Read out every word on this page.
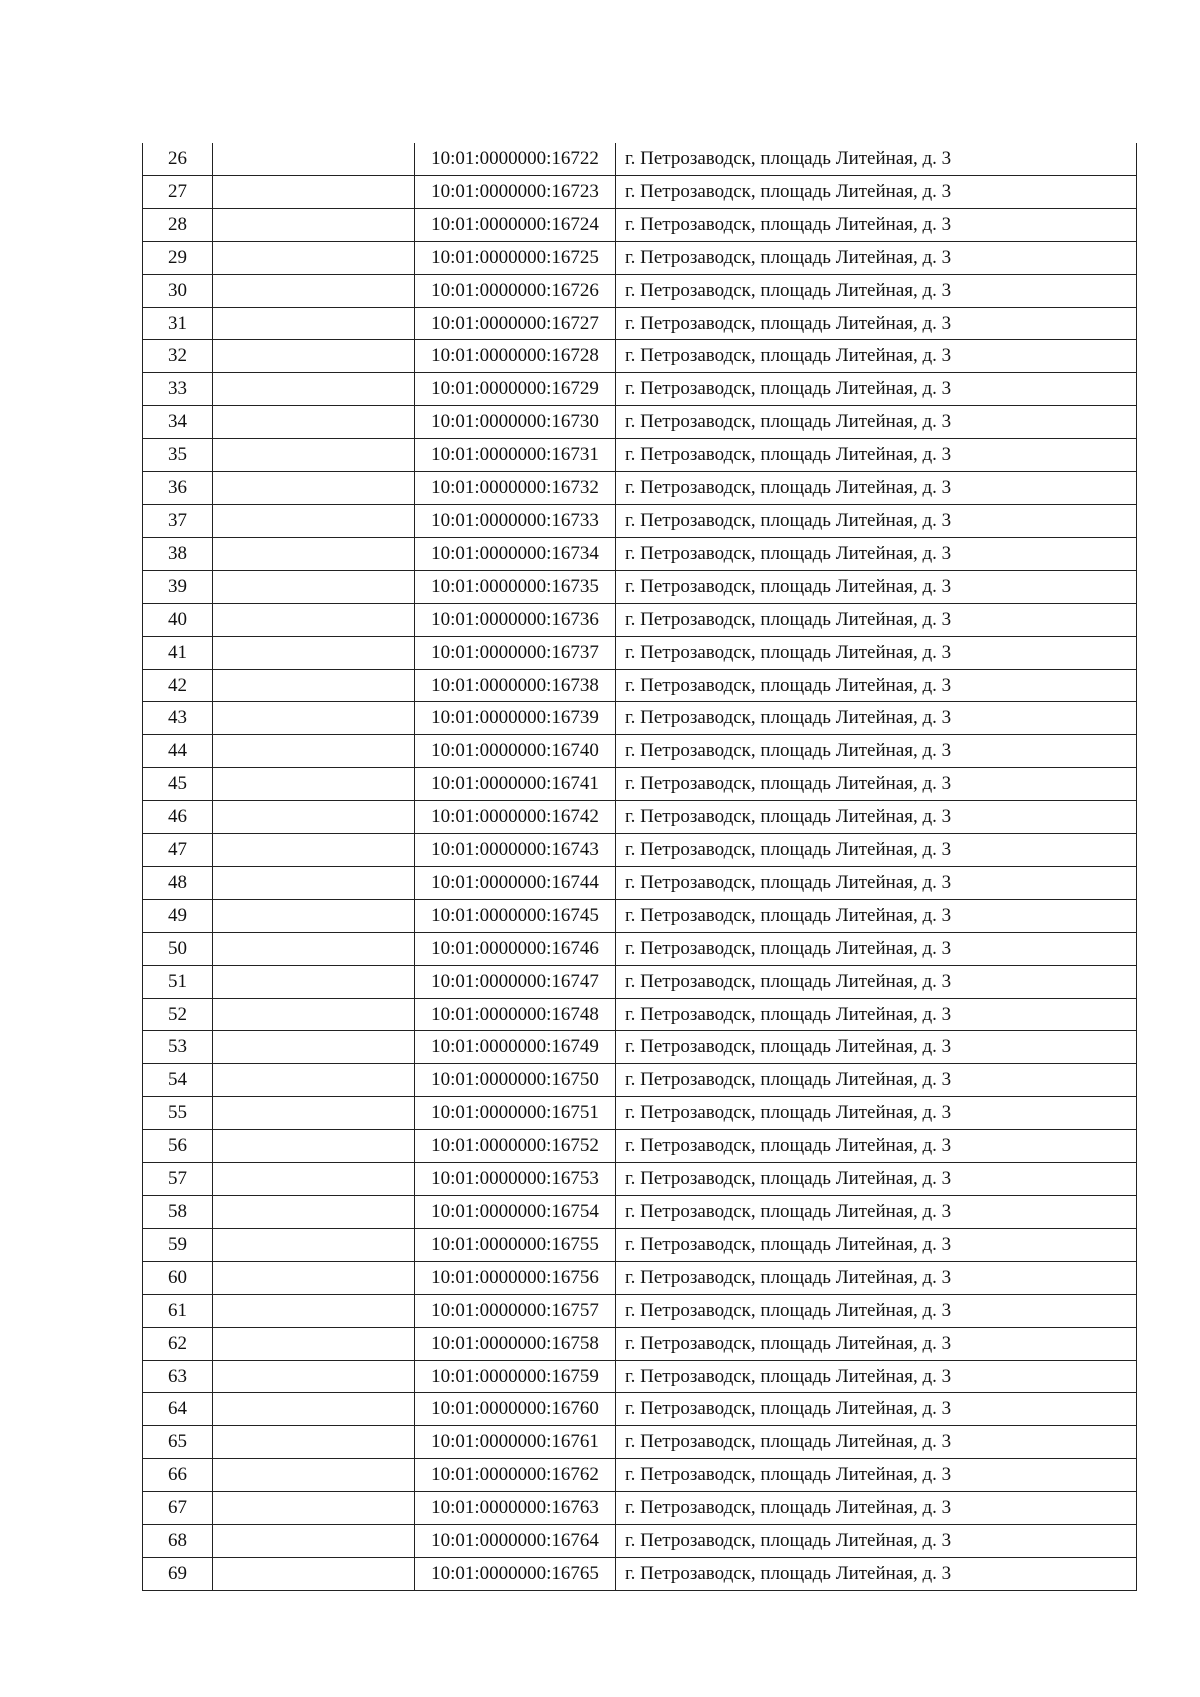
26		10:01:0000000:16722	г. Петрозаводск, площадь Литейная, д. 3
27		10:01:0000000:16723	г. Петрозаводск, площадь Литейная, д. 3
28		10:01:0000000:16724	г. Петрозаводск, площадь Литейная, д. 3
29		10:01:0000000:16725	г. Петрозаводск, площадь Литейная, д. 3
30		10:01:0000000:16726	г. Петрозаводск, площадь Литейная, д. 3
31		10:01:0000000:16727	г. Петрозаводск, площадь Литейная, д. 3
32		10:01:0000000:16728	г. Петрозаводск, площадь Литейная, д. 3
33		10:01:0000000:16729	г. Петрозаводск, площадь Литейная, д. 3
34		10:01:0000000:16730	г. Петрозаводск, площадь Литейная, д. 3
35		10:01:0000000:16731	г. Петрозаводск, площадь Литейная, д. 3
36		10:01:0000000:16732	г. Петрозаводск, площадь Литейная, д. 3
37		10:01:0000000:16733	г. Петрозаводск, площадь Литейная, д. 3
38		10:01:0000000:16734	г. Петрозаводск, площадь Литейная, д. 3
39		10:01:0000000:16735	г. Петрозаводск, площадь Литейная, д. 3
40		10:01:0000000:16736	г. Петрозаводск, площадь Литейная, д. 3
41		10:01:0000000:16737	г. Петрозаводск, площадь Литейная, д. 3
42		10:01:0000000:16738	г. Петрозаводск, площадь Литейная, д. 3
43		10:01:0000000:16739	г. Петрозаводск, площадь Литейная, д. 3
44		10:01:0000000:16740	г. Петрозаводск, площадь Литейная, д. 3
45		10:01:0000000:16741	г. Петрозаводск, площадь Литейная, д. 3
46		10:01:0000000:16742	г. Петрозаводск, площадь Литейная, д. 3
47		10:01:0000000:16743	г. Петрозаводск, площадь Литейная, д. 3
48		10:01:0000000:16744	г. Петрозаводск, площадь Литейная, д. 3
49		10:01:0000000:16745	г. Петрозаводск, площадь Литейная, д. 3
50		10:01:0000000:16746	г. Петрозаводск, площадь Литейная, д. 3
51		10:01:0000000:16747	г. Петрозаводск, площадь Литейная, д. 3
52		10:01:0000000:16748	г. Петрозаводск, площадь Литейная, д. 3
53		10:01:0000000:16749	г. Петрозаводск, площадь Литейная, д. 3
54		10:01:0000000:16750	г. Петрозаводск, площадь Литейная, д. 3
55		10:01:0000000:16751	г. Петрозаводск, площадь Литейная, д. 3
56		10:01:0000000:16752	г. Петрозаводск, площадь Литейная, д. 3
57		10:01:0000000:16753	г. Петрозаводск, площадь Литейная, д. 3
58		10:01:0000000:16754	г. Петрозаводск, площадь Литейная, д. 3
59		10:01:0000000:16755	г. Петрозаводск, площадь Литейная, д. 3
60		10:01:0000000:16756	г. Петрозаводск, площадь Литейная, д. 3
61		10:01:0000000:16757	г. Петрозаводск, площадь Литейная, д. 3
62		10:01:0000000:16758	г. Петрозаводск, площадь Литейная, д. 3
63		10:01:0000000:16759	г. Петрозаводск, площадь Литейная, д. 3
64		10:01:0000000:16760	г. Петрозаводск, площадь Литейная, д. 3
65		10:01:0000000:16761	г. Петрозаводск, площадь Литейная, д. 3
66		10:01:0000000:16762	г. Петрозаводск, площадь Литейная, д. 3
67		10:01:0000000:16763	г. Петрозаводск, площадь Литейная, д. 3
68		10:01:0000000:16764	г. Петрозаводск, площадь Литейная, д. 3
69		10:01:0000000:16765	г. Петрозаводск, площадь Литейная, д. 3
